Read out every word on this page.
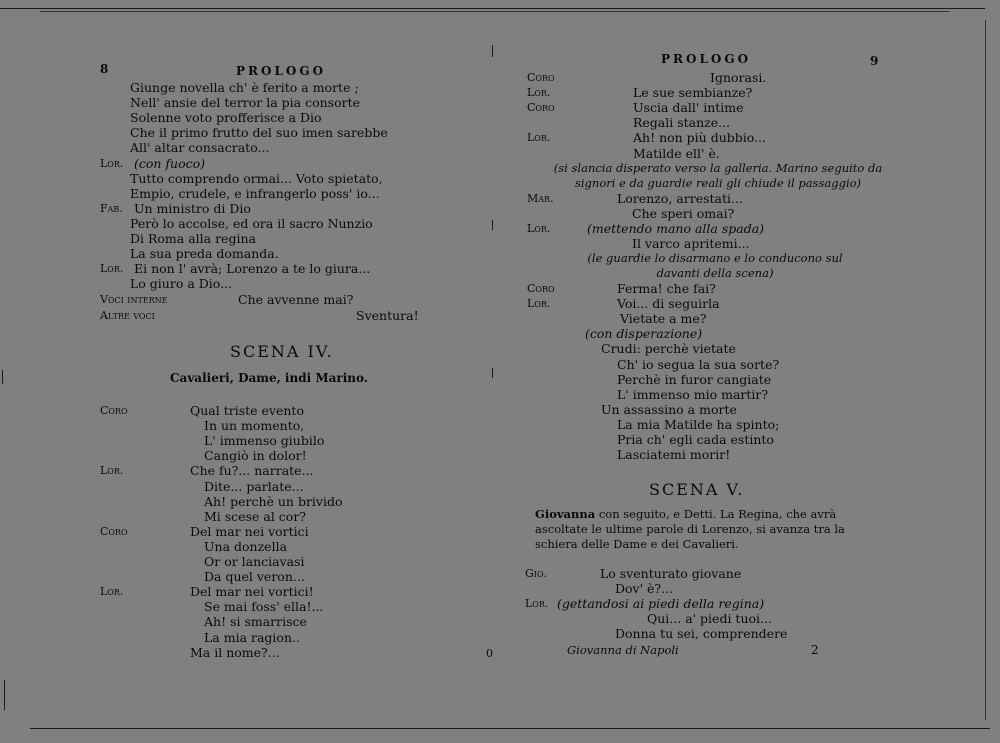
8	PROLOGO
Giunge novella ch' è ferito a morte ;
Nell' ansie del terror la pia consorte
Solenne voto profferisce a Dio
Che il primo frutto del suo imen sarebbe
All' altar consacrato...
Lor. (con fuoco)
Tutto comprendo ormai... Voto spietato,
Empio, crudele, e infrangerlo poss' io...
Fab. Un ministro di Dio
Però lo accolse, ed ora il sacro Nunzio
Di Roma alla regina
La sua preda domanda.
Lor. Ei non l' avrà; Lorenzo a te lo giura...
Lo giuro a Dio...
Voci interne	Che avvenne mai?
Altre voci	Sventura!
SCENA IV.
Cavalieri, Dame, indi Marino.
Coro	Qual triste evento
In un momento,
L' immenso giubilo
Cangiò in dolor!
Lor.	Che fu?... narrate...
Dite... parlate...
Ah! perchè un brivido
Mi scese al cor?
Coro	Del mar nei vortici
Una donzella
Or or lanciavasi
Da quel veron...
Lor.	Del mar nei vortici!
Se mai foss' ella!...
Ah! si smarrisce
La mia ragion..
Ma il nome?...	0
PROLOGO	9
Coro	Ignorasi.
Lor.	Le sue sembianze?
Coro	Uscia dall' intime
Regali stanze...
Lor.	Ah! non più dubbio...
Matilde ell' è.
(si slancia disperato verso la galleria. Marino seguito da signori e da guardie reali gli chiude il passaggio)
Mar.	Lorenzo, arrestati...
Che speri omai?
Lor.	(mettendo mano alla spada)
Il varco apritemi...
(le guardie lo disarmano e lo conducono sul davanti della scena)
Coro	Ferma! che fai?
Lor.	Voi... di seguirla
Vietate a me?
(con disperazione)
Crudi: perchè vietate
Ch' io segua la sua sorte?
Perchè in furor cangiate
L' immenso mio martir?
Un assassino a morte
La mia Matilde ha spinto;
Pria ch' egli cada estinto
Lasciatemi morir!
SCENA V.
Giovanna con seguito, e Detti. La Regina, che avrà ascoltate le ultime parole di Lorenzo, si avanza tra la schiera delle Dame e dei Cavalieri.
Gio.	Lo sventurato giovane
Dov' è?...
Lor. (gettandosi ai piedi della regina)
Qui... a' piedi tuoi...
Donna tu sei, comprendere
Giovanna di Napoli	2
